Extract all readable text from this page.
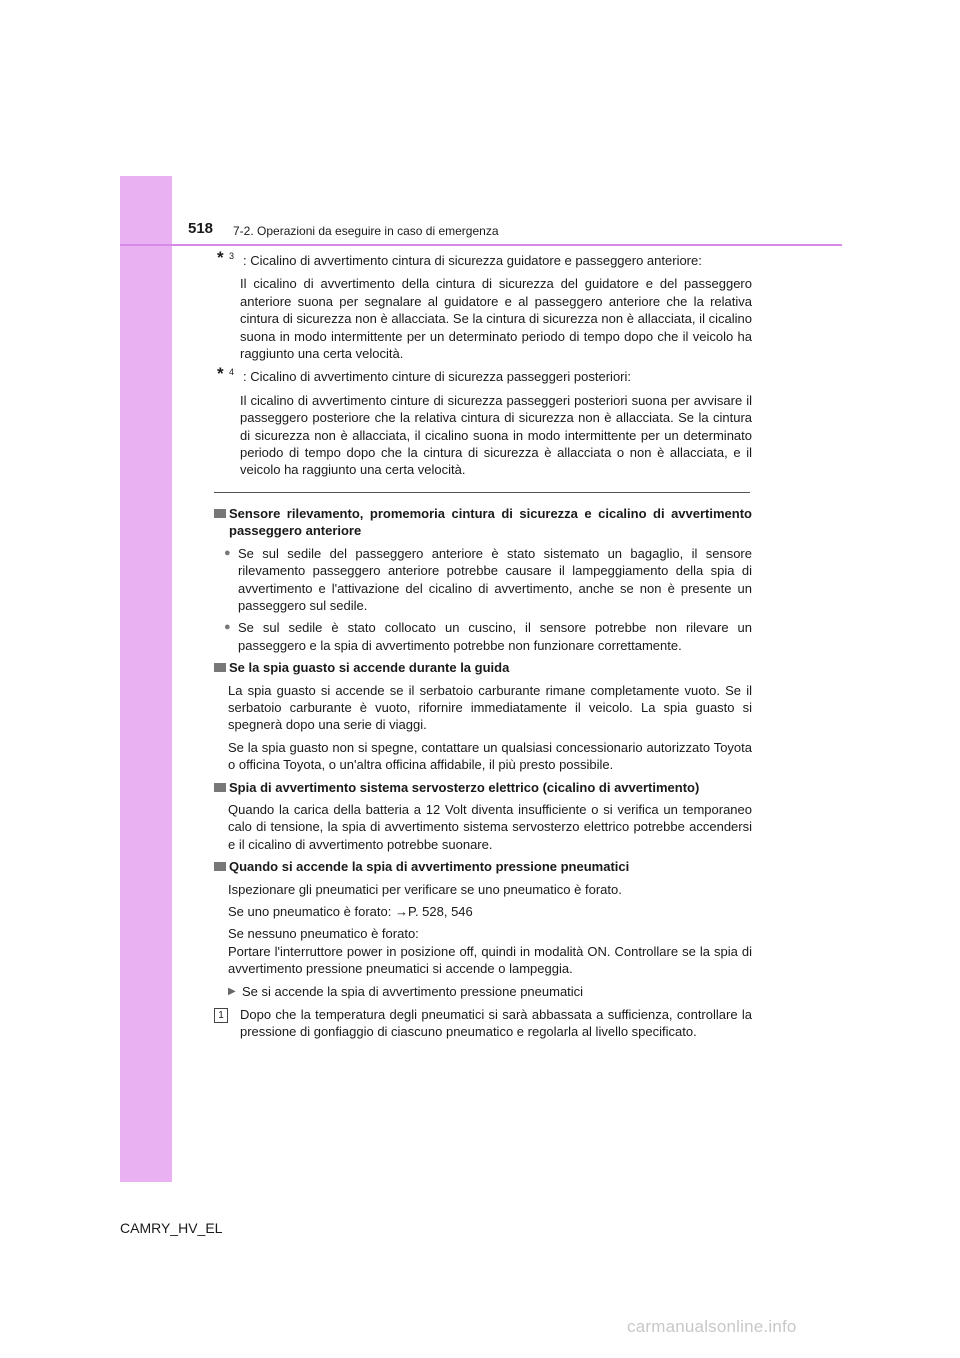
518 7-2. Operazioni da eseguire in caso di emergenza
* 3 : Cicalino di avvertimento cintura di sicurezza guidatore e passeggero anteriore:

Il cicalino di avvertimento della cintura di sicurezza del guidatore e del passeggero anteriore suona per segnalare al guidatore e al passeggero anteriore che la relativa cintura di sicurezza non è allacciata. Se la cintura di sicurezza non è allacciata, il cicalino suona in modo intermittente per un determinato periodo di tempo dopo che il veicolo ha raggiunto una certa velocità.

* 4 : Cicalino di avvertimento cinture di sicurezza passeggeri posteriori:

Il cicalino di avvertimento cinture di sicurezza passeggeri posteriori suona per avvisare il passeggero posteriore che la relativa cintura di sicurezza non è allacciata. Se la cintura di sicurezza non è allacciata, il cicalino suona in modo intermittente per un determinato periodo di tempo dopo che la cintura di sicurezza è allacciata o non è allacciata, e il veicolo ha raggiunto una certa velocità.

Sensore rilevamento, promemoria cintura di sicurezza e cicalino di avvertimento passeggero anteriore
● Se sul sedile del passeggero anteriore è stato sistemato un bagaglio, il sensore rilevamento passeggero anteriore potrebbe causare il lampeggiamento della spia di avvertimento e l'attivazione del cicalino di avvertimento, anche se non è presente un passeggero sul sedile.

● Se sul sedile è stato collocato un cuscino, il sensore potrebbe non rilevare un passeggero e la spia di avvertimento potrebbe non funzionare correttamente.

Se la spia guasto si accende durante la guida

La spia guasto si accende se il serbatoio carburante rimane completamente vuoto. Se il serbatoio carburante è vuoto, rifornire immediatamente il veicolo. La spia guasto si spegnerà dopo una serie di viaggi.

Se la spia guasto non si spegne, contattare un qualsiasi concessionario autorizzato Toyota o officina Toyota, o un'altra officina affidabile, il più presto possibile.

Spia di avvertimento sistema servosterzo elettrico (cicalino di avvertimento)

Quando la carica della batteria a 12 Volt diventa insufficiente o si verifica un temporaneo calo di tensione, la spia di avvertimento sistema servosterzo elettrico potrebbe accendersi e il cicalino di avvertimento potrebbe suonare.

Quando si accende la spia di avvertimento pressione pneumatici

Ispezionare gli pneumatici per verificare se uno pneumatico è forato.

Se uno pneumatico è forato: →P. 528, 546

Se nessuno pneumatico è forato:

Portare l'interruttore power in posizione off, quindi in modalità ON. Controllare se la spia di avvertimento pressione pneumatici si accende o lampeggia.

▶ Se si accende la spia di avvertimento pressione pneumatici
1	Dopo che la temperatura degli pneumatici si sarà abbassata a sufficienza, controllare la pressione di gonfiaggio di ciascuno pneumatico e regolarla al livello specificato.

CAMRY_HV_EL
carmanualsonline.info
